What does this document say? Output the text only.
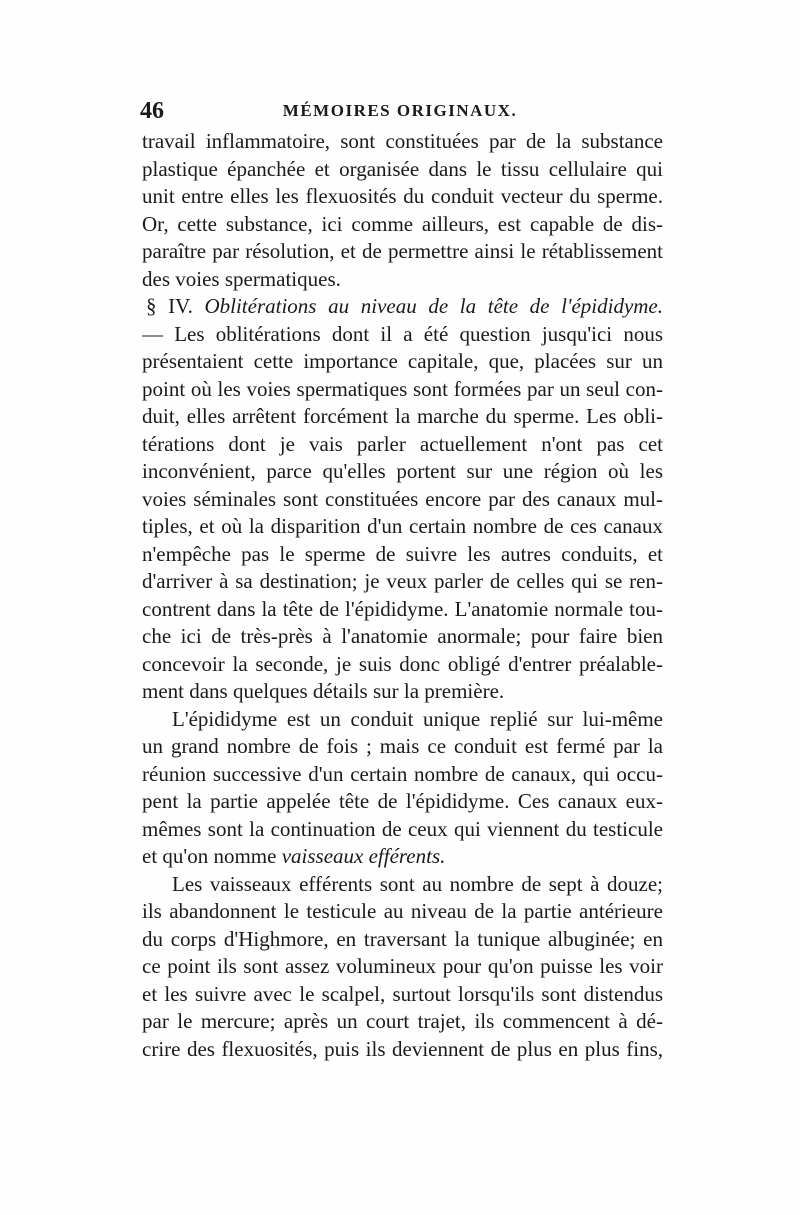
46	MÉMOIRES ORIGINAUX.
travail inflammatoire, sont constituées par de la substance
plastique épanchée et organisée dans le tissu cellulaire qui
unit entre elles les flexuosités du conduit vecteur du sperme.
Or, cette substance, ici comme ailleurs, est capable de dis-
paraître par résolution, et de permettre ainsi le rétablissement
des voies spermatiques.
§ IV. Oblitérations au niveau de la tête de l'épididyme.
— Les oblitérations dont il a été question jusqu'ici nous
présentaient cette importance capitale, que, placées sur un
point où les voies spermatiques sont formées par un seul con-
duit, elles arrêtent forcément la marche du sperme. Les obli-
térations dont je vais parler actuellement n'ont pas cet
inconvénient, parce qu'elles portent sur une région où les
voies séminales sont constituées encore par des canaux mul-
tiples, et où la disparition d'un certain nombre de ces canaux
n'empêche pas le sperme de suivre les autres conduits, et
d'arriver à sa destination; je veux parler de celles qui se ren-
contrent dans la tête de l'épididyme. L'anatomie normale tou-
che ici de très-près à l'anatomie anormale; pour faire bien
concevoir la seconde, je suis donc obligé d'entrer préalable-
ment dans quelques détails sur la première.
L'épididyme est un conduit unique replié sur lui-même
un grand nombre de fois ; mais ce conduit est fermé par la
réunion successive d'un certain nombre de canaux, qui occu-
pent la partie appelée tête de l'épididyme. Ces canaux eux-
mêmes sont la continuation de ceux qui viennent du testicule
et qu'on nomme vaisseaux efférents.
Les vaisseaux efférents sont au nombre de sept à douze;
ils abandonnent le testicule au niveau de la partie antérieure
du corps d'Highmore, en traversant la tunique albuginée; en
ce point ils sont assez volumineux pour qu'on puisse les voir
et les suivre avec le scalpel, surtout lorsqu'ils sont distendus
par le mercure; après un court trajet, ils commencent à dé-
crire des flexuosités, puis ils deviennent de plus en plus fins,
